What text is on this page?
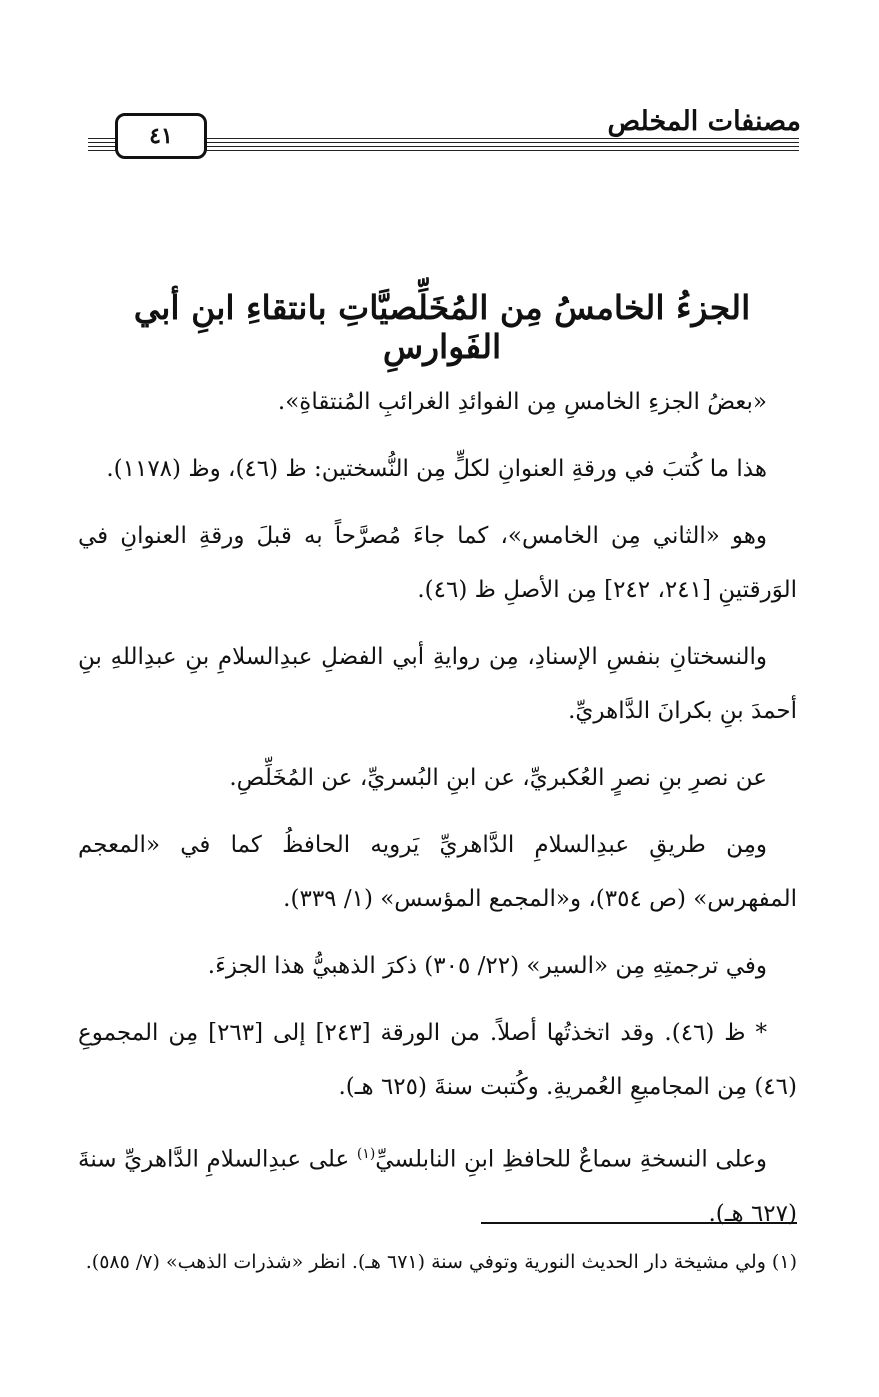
مصنفات المخلص
٤١
الجزءُ الخامسُ مِن المُخَلِّصيَّاتِ بانتقاءِ ابنِ أبي الفَوارسِ

«بعضُ الجزءِ الخامسِ مِن الفوائدِ الغرائبِ المُنتقاةِ».

هذا ما كُتبَ في ورقةِ العنوانِ لكلٍّ مِن النُّسختين: ظ (٤٦)، وظ (١١٧٨).

وهو «الثاني مِن الخامس»، كما جاءَ مُصرَّحاً به قبلَ ورقةِ العنوانِ في الوَرقتينِ [٢٤١، ٢٤٢] مِن الأصلِ ظ (٤٦).

والنسختانِ بنفسِ الإسنادِ، مِن روايةِ أبي الفضلِ عبدِالسلامِ بنِ عبدِاللهِ بنِ أحمدَ بنِ بكرانَ الدَّاهريِّ.

عن نصرِ بنِ نصرٍ العُكبريِّ، عن ابنِ البُسريِّ، عن المُخَلِّصِ.

ومِن طريقِ عبدِالسلامِ الدَّاهريِّ يَرويه الحافظُ كما في «المعجم المفهرس» (ص ٣٥٤)، و«المجمع المؤسس» (١/ ٣٣٩).

وفي ترجمتِهِ مِن «السير» (٢٢/ ٣٠٥) ذكرَ الذهبيُّ هذا الجزءَ.

* ظ (٤٦). وقد اتخذتُها أصلاً. من الورقة [٢٤٣] إلى [٢٦٣] مِن المجموعِ (٤٦) مِن المجاميعِ العُمريةِ. وكُتبت سنةَ (٦٢٥ هـ).

وعلى النسخةِ سماعٌ للحافظِ ابنِ النابلسيِّ$^{(١)}$ على عبدِالسلامِ الدَّاهريِّ سنةَ (٦٢٧ هـ).

(١) ولي مشيخة دار الحديث النورية وتوفي سنة (٦٧١ هـ). انظر «شذرات الذهب» (٧/ ٥٨٥).
